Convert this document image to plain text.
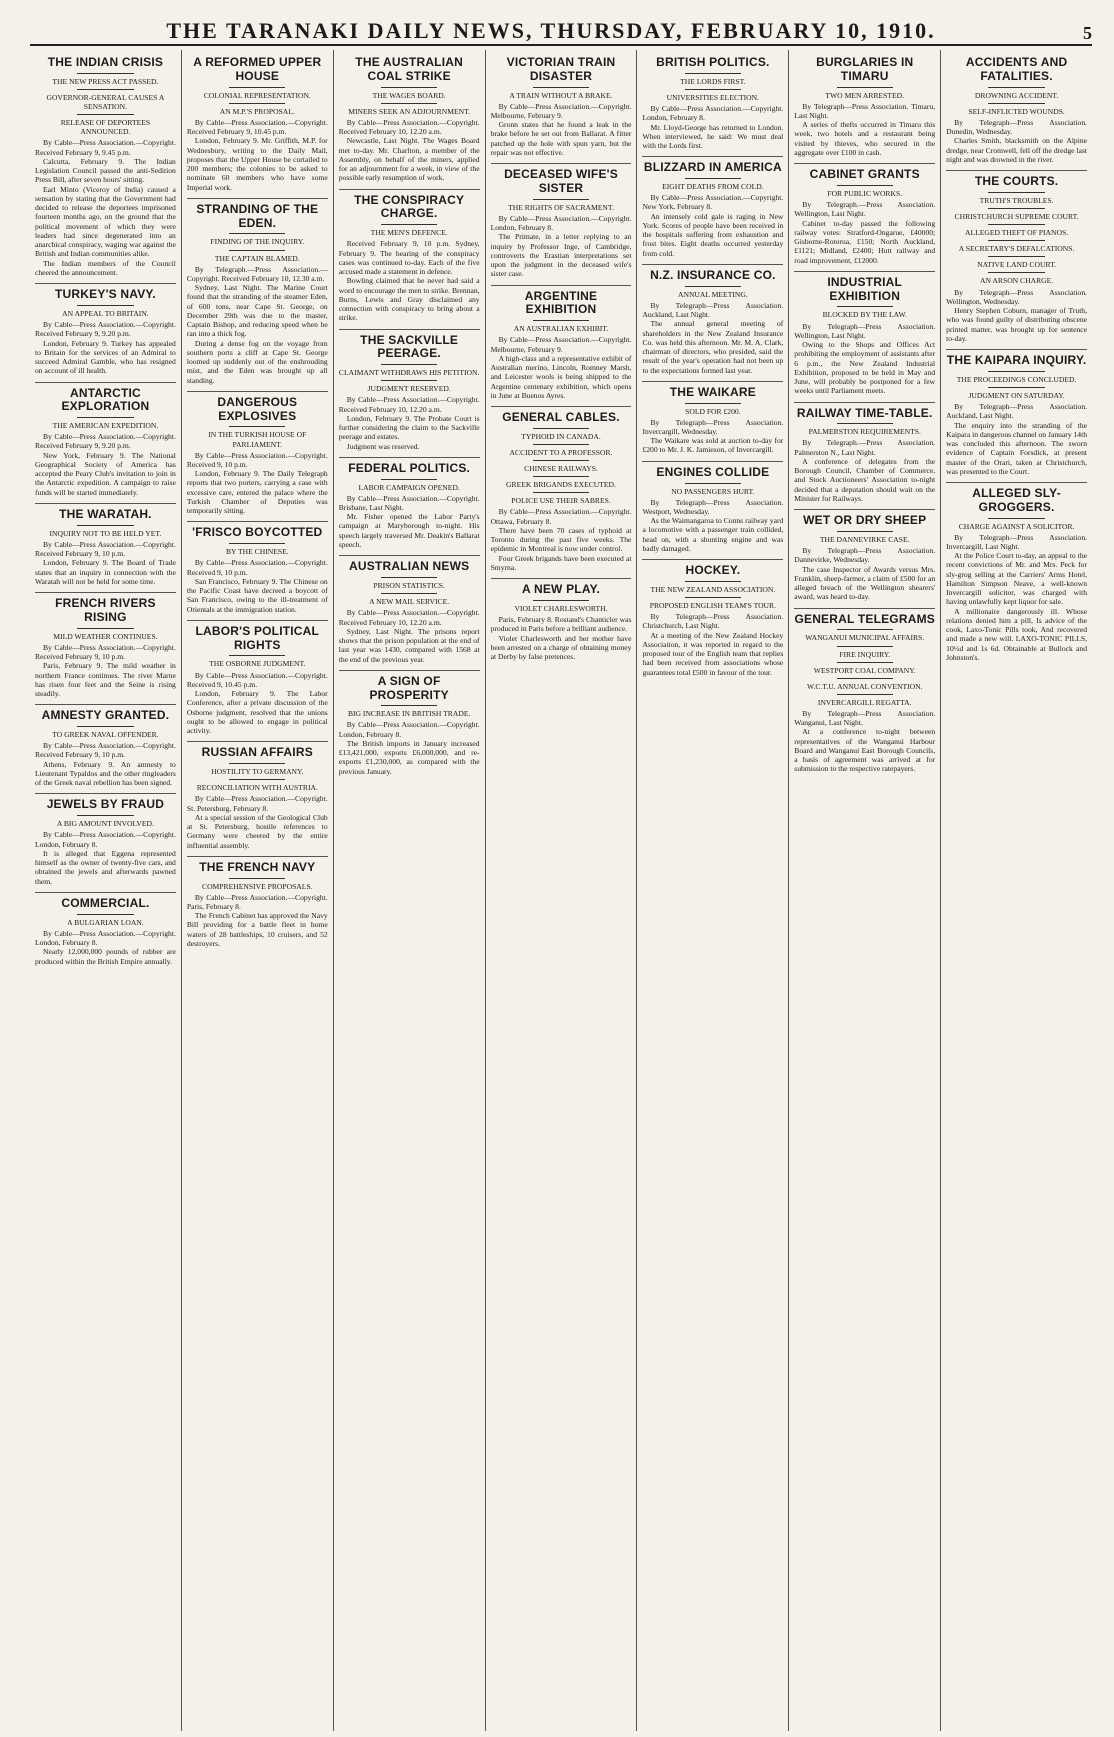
THE TARANAKI DAILY NEWS, THURSDAY, FEBRUARY 10, 1910.	5
THE INDIAN CRISIS
THE NEW PRESS ACT PASSED.
GOVERNOR-GENERAL CAUSES A SENSATION.
RELEASE OF DEPORTEES ANNOUNCED.

By Cable—Press Association.—Copyright. Received February 9, 9.45 p.m.

Calcutta, February 9. The Indian Legislation Council passed the anti-Sedition Press Bill, after seven hours' sitting.

Earl Minto (Viceroy of India) caused a sensation by stating that the Government had decided to release the deportees imprisoned fourteen months ago, on the ground that the political movement of which they were leaders had since degenerated into an anarchical conspiracy, waging war against the British and Indian communities alike.

The Indian members of the Council cheered the announcement.

TURKEY'S NAVY.
AN APPEAL TO BRITAIN.

By Cable—Press Association.—Copyright. Received February 9, 9.20 p.m.

London, February 9. Turkey has appealed to Britain for the services of an Admiral to succeed Admiral Gamble, who has resigned on account of ill health.

ANTARCTIC EXPLORATION
THE AMERICAN EXPEDITION.

By Cable—Press Association.—Copyright. Received February 9, 9.20 p.m.

New York, February 9. The National Geographical Society of America has accepted the Peary Club's invitation to join in the Antarctic expedition. A campaign to raise funds will be started immediately.

THE WARATAH.
INQUIRY NOT TO BE HELD YET.

By Cable—Press Association.—Copyright. Received February 9, 10 p.m.

London, February 9. The Board of Trade states that an inquiry in connection with the Waratah will not be held for some time.

FRENCH RIVERS RISING
MILD WEATHER CONTINUES.

By Cable—Press Association.—Copyright. Received February 9, 10 p.m.

Paris, February 9. The mild weather in northern France continues. The river Marne has risen four feet and the Seine is rising steadily.

AMNESTY GRANTED.
TO GREEK NAVAL OFFENDER.

By Cable—Press Association.—Copyright. Received February 9, 10 p.m.

Athens, February 9. An amnesty to Lieutenant Typaldos and the other ringleaders of the Greek naval rebellion has been signed.

JEWELS BY FRAUD
A BIG AMOUNT INVOLVED.

By Cable—Press Association.—Copyright. London, February 8.

It is alleged that Eggena represented himself as the owner of twenty-five cars, and obtained the jewels and afterwards pawned them.

COMMERCIAL.
A BULGARIAN LOAN.

By Cable—Press Association.—Copyright. London, February 8.

Nearly 12,000,000 pounds of rubber are produced within the British Empire annually.

A REFORMED UPPER HOUSE
COLONIAL REPRESENTATION.
AN M.P.'S PROPOSAL.

By Cable—Press Association.—Copyright. Received February 9, 10.45 p.m.

London, February 9. Mr. Griffith, M.P. for Wednesbury, writing to the Daily Mail, proposes that the Upper House be curtailed to 200 members; the colonies to be asked to nominate 60 members who have some Imperial work.

STRANDING OF THE EDEN.
FINDING OF THE INQUIRY.
THE CAPTAIN BLAMED.

By Telegraph.—Press Association.—Copyright. Received February 10, 12.30 a.m.

Sydney, Last Night. The Marine Court found that the stranding of the steamer Eden, of 600 tons, near Cape St. George, on December 29th was due to the master, Captain Bishop, and reducing speed when he ran into a thick fog.

During a dense fog on the voyage from southern ports a cliff at Cape St. George loomed up suddenly out of the enshrouding mist, and the Eden was brought up all standing.

DANGEROUS EXPLOSIVES
IN THE TURKISH HOUSE OF PARLIAMENT.

By Cable—Press Association.—Copyright. Received 9, 10 p.m.

London, February 9. The Daily Telegraph reports that two porters, carrying a case with excessive care, entered the palace where the Turkish Chamber of Deputies was temporarily sitting.

'FRISCO BOYCOTTED
BY THE CHINESE.

By Cable—Press Association.—Copyright. Received 9, 10 p.m.

San Francisco, February 9. The Chinese on the Pacific Coast have decreed a boycott of San Francisco, owing to the ill-treatment of Orientals at the immigration station.

LABOR'S POLITICAL RIGHTS
THE OSBORNE JUDGMENT.

By Cable—Press Association.—Copyright. Received 9, 10.45 p.m.

London, February 9. The Labor Conference, after a private discussion of the Osborne judgment, resolved that the unions ought to be allowed to engage in political activity.

RUSSIAN AFFAIRS
HOSTILITY TO GERMANY.
RECONCILIATION WITH AUSTRIA.

By Cable—Press Association.—Copyright. St. Petersburg, February 8.

At a special session of the Geological Club at St. Petersburg, hostile references to Germany were cheered by the entire influential assembly.

THE FRENCH NAVY
COMPREHENSIVE PROPOSALS.

By Cable—Press Association.—Copyright. Paris, February 8.

The French Cabinet has approved the Navy Bill providing for a battle fleet in home waters of 28 battleships, 10 cruisers, and 52 destroyers.

THE AUSTRALIAN COAL STRIKE
THE WAGES BOARD.
MINERS SEEK AN ADJOURNMENT.

By Cable—Press Association.—Copyright. Received February 10, 12.20 a.m.

Newcastle, Last Night. The Wages Board met to-day. Mr. Charlton, a member of the Assembly, on behalf of the miners, applied for an adjournment for a week, in view of the possible early resumption of work.

THE CONSPIRACY CHARGE.
THE MEN'S DEFENCE.

Received February 9, 10 p.m. Sydney, February 9. The hearing of the conspiracy cases was continued to-day. Each of the five accused made a statement in defence.

Bowling claimed that he never had said a word to encourage the men to strike. Brennan, Burns, Lewis and Gray disclaimed any connection with conspiracy to bring about a strike.

THE SACKVILLE PEERAGE.
CLAIMANT WITHDRAWS HIS PETITION.
JUDGMENT RESERVED.

By Cable—Press Association.—Copyright. Received February 10, 12.20 a.m.

London, February 9. The Probate Court is further considering the claim to the Sackville peerage and estates.

Judgment was reserved.

FEDERAL POLITICS.
LABOR CAMPAIGN OPENED.

By Cable—Press Association.—Copyright. Brisbane, Last Night.

Mr. Fisher opened the Labor Party's campaign at Maryborough to-night. His speech largely traversed Mr. Deakin's Ballarat speech.

AUSTRALIAN NEWS
PRISON STATISTICS.
A NEW MAIL SERVICE.

By Cable—Press Association.—Copyright. Received February 10, 12.20 a.m.

Sydney, Last Night. The prisons report shows that the prison population at the end of last year was 1430, compared with 1568 at the end of the previous year.

A SIGN OF PROSPERITY
BIG INCREASE IN BRITISH TRADE.

By Cable—Press Association.—Copyright. London, February 8.

The British imports in January increased £13,421,000, exports £6,000,000, and re-exports £1,230,000, as compared with the previous January.

VICTORIAN TRAIN DISASTER
A TRAIN WITHOUT A BRAKE.

By Cable—Press Association.—Copyright. Melbourne, February 9.

Gronn states that he found a leak in the brake before he set out from Ballarat. A fitter patched up the hole with spun yarn, but the repair was not effective.

DECEASED WIFE'S SISTER
THE RIGHTS OF SACRAMENT.

By Cable—Press Association.—Copyright. London, February 8.

The Primate, in a letter replying to an inquiry by Professor Inge, of Cambridge, controverts the Erastian interpretations set upon the judgment in the deceased wife's sister case.

ARGENTINE EXHIBITION
AN AUSTRALIAN EXHIBIT.

By Cable—Press Association.—Copyright. Melbourne, February 9.

A high-class and a representative exhibit of Australian merino, Lincoln, Romney Marsh, and Leicester wools is being shipped to the Argentine centenary exhibition, which opens in June at Buenos Ayres.

GENERAL CABLES.
TYPHOID IN CANADA.
ACCIDENT TO A PROFESSOR.
CHINESE RAILWAYS.
GREEK BRIGANDS EXECUTED.
POLICE USE THEIR SABRES.

By Cable—Press Association.—Copyright. Ottawa, February 8.

There have been 70 cases of typhoid at Toronto during the past five weeks. The epidemic in Montreal is now under control.

Four Greek brigands have been executed at Smyrna.

A NEW PLAY.
VIOLET CHARLESWORTH.

Paris, February 8. Rostand's Chanticler was produced in Paris before a brilliant audience.

Violet Charlesworth and her mother have been arrested on a charge of obtaining money at Derby by false pretences.

BRITISH POLITICS.
THE LORDS FIRST.
UNIVERSITIES ELECTION.

By Cable—Press Association.—Copyright. London, February 8.

Mr. Lloyd-George has returned to London. When interviewed, he said: We must deal with the Lords first.

BLIZZARD IN AMERICA
EIGHT DEATHS FROM COLD.

By Cable—Press Association.—Copyright. New York, February 8.

An intensely cold gale is raging in New York. Scores of people have been received in the hospitals suffering from exhaustion and frost bites. Eight deaths occurred yesterday from cold.

N.Z. INSURANCE CO.
ANNUAL MEETING.

By Telegraph—Press Association. Auckland, Last Night.

The annual general meeting of shareholders in the New Zealand Insurance Co. was held this afternoon. Mr. M. A. Clark, chairman of directors, who presided, said the result of the year's operation had not been up to the expectations formed last year.

THE WAIKARE
SOLD FOR £200.

By Telegraph—Press Association. Invercargill, Wednesday.

The Waikare was sold at auction to-day for £200 to Mr. J. K. Jamieson, of Invercargill.

ENGINES COLLIDE
NO PASSENGERS HURT.

By Telegraph—Press Association. Westport, Wednesday.

As the Waimangaroa to Conns railway yard a locomotive with a passenger train collided, head on, with a shunting engine and was badly damaged.

HOCKEY.
THE NEW ZEALAND ASSOCIATION.
PROPOSED ENGLISH TEAM'S TOUR.

By Telegraph—Press Association. Christchurch, Last Night.

At a meeting of the New Zealand Hockey Association, it was reported in regard to the proposed tour of the English team that replies had been received from associations whose guarantees total £500 in favour of the tour.

BURGLARIES IN TIMARU
TWO MEN ARRESTED.

By Telegraph—Press Association. Timaru, Last Night.

A series of thefts occurred in Timaru this week, two hotels and a restaurant being visited by thieves, who secured in the aggregate over £100 in cash.

CABINET GRANTS
FOR PUBLIC WORKS.

By Telegraph.—Press Association. Wellington, Last Night.

Cabinet to-day passed the following railway votes: Stratford-Ongarue, £40000; Gisborne-Rotorua, £150; North Auckland, £1121; Midland, £2400; Hutt railway and road improvement, £12000.

INDUSTRIAL EXHIBITION
BLOCKED BY THE LAW.

By Telegraph—Press Association. Wellington, Last Night.

Owing to the Shops and Offices Act prohibiting the employment of assistants after 6 p.m., the New Zealand Industrial Exhibition, proposed to be held in May and June, will probably be postponed for a few weeks until Parliament meets.

RAILWAY TIME-TABLE.
PALMERSTON REQUIREMENTS.

By Telegraph.—Press Association. Palmerston N., Last Night.

A conference of delegates from the Borough Council, Chamber of Commerce, and Stock Auctioneers' Association to-night decided that a deputation should wait on the Minister for Railways.

WET OR DRY SHEEP
THE DANNEVIRKE CASE.

By Telegraph—Press Association. Dannevirke, Wednesday.

The case Inspector of Awards versus Mrs. Franklin, sheep-farmer, a claim of £500 for an alleged breach of the Wellington shearers' award, was heard to-day.

GENERAL TELEGRAMS
WANGANUI MUNICIPAL AFFAIRS.
FIRE INQUIRY.
WESTPORT COAL COMPANY.
W.C.T.U. ANNUAL CONVENTION.
INVERCARGILL REGATTA.

By Telegraph—Press Association. Wanganui, Last Night.

At a conference to-night between representatives of the Wanganui Harbour Board and Wanganui East Borough Councils, a basis of agreement was arrived at for submission to the respective ratepayers.

ACCIDENTS AND FATALITIES.
DROWNING ACCIDENT.
SELF-INFLICTED WOUNDS.

By Telegraph—Press Association. Dunedin, Wednesday.

Charles Smith, blacksmith on the Alpine dredge, near Cromwell, fell off the dredge last night and was drowned in the river.

THE COURTS.
TRUTH'S TROUBLES.
CHRISTCHURCH SUPREME COURT.
ALLEGED THEFT OF PIANOS.
A SECRETARY'S DEFALCATIONS.
NATIVE LAND COURT.
AN ARSON CHARGE.

By Telegraph—Press Association. Wellington, Wednesday.

Henry Stephen Coburn, manager of Truth, who was found guilty of distributing obscene printed matter, was brought up for sentence to-day.

THE KAIPARA INQUIRY.
THE PROCEEDINGS CONCLUDED.
JUDGMENT ON SATURDAY.

By Telegraph—Press Association. Auckland, Last Night.

The enquiry into the stranding of the Kaipara in dangerous channel on January 14th was concluded this afternoon. The sworn evidence of Captain Forsdick, at present master of the Orari, taken at Christchurch, was presented to the Court.

ALLEGED SLY-GROGGERS.
CHARGE AGAINST A SOLICITOR.

By Telegraph—Press Association. Invercargill, Last Night.

At the Police Court to-day, an appeal to the recent convictions of Mr. and Mrs. Peck for sly-grog selling at the Carriers' Arms Hotel, Hamilton Simpson Neave, a well-known Invercargill solicitor, was charged with having unlawfully kept liquor for sale.

A millionaire dangerously ill. Whose relations denied him a pill, Is advice of the cook, Laxo-Tonic Pills took, And recovered and made a new will. LAXO-TONIC PILLS, 10½d and 1s 6d. Obtainable at Bullock and Johnston's.
